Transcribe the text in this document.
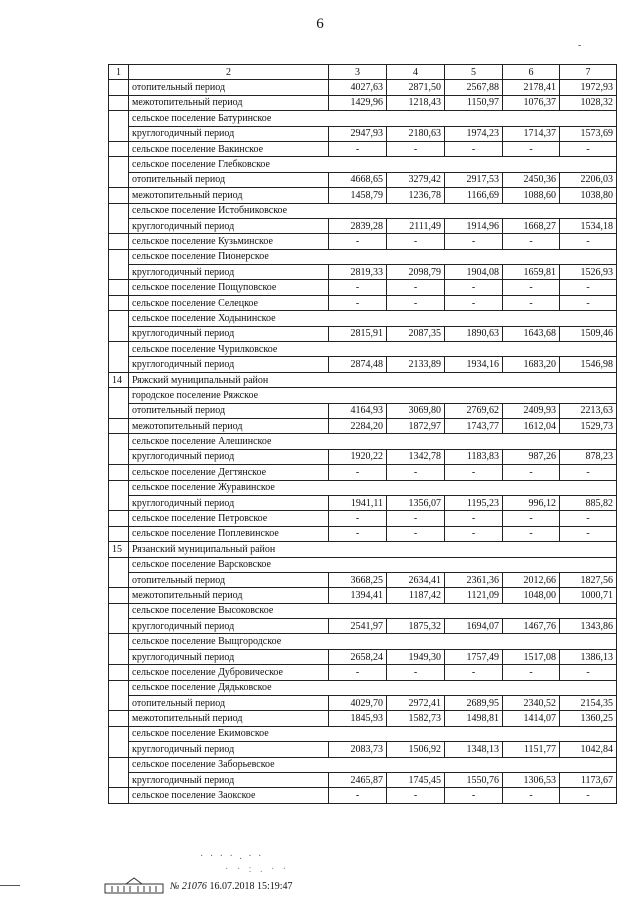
6
-
1	2	3	4	5	6	7
	отопительный период	4027,63	2871,50	2567,88	2178,41	1972,93
	межотопительный период	1429,96	1218,43	1150,97	1076,37	1028,32
	сельское поселение Батуринское					
	круглогодичный период	2947,93	2180,63	1974,23	1714,37	1573,69
	сельское поселение Вакинское	-	-	-	-	-
	сельское поселение Глебковское					
	отопительный период	4668,65	3279,42	2917,53	2450,36	2206,03
	межотопительный период	1458,79	1236,78	1166,69	1088,60	1038,80
	сельское поселение Истобниковское					
	круглогодичный период	2839,28	2111,49	1914,96	1668,27	1534,18
	сельское поселение Кузьминское	-	-	-	-	-
	сельское поселение Пионерское					
	круглогодичный период	2819,33	2098,79	1904,08	1659,81	1526,93
	сельское поселение Пощуповское	-	-	-	-	-
	сельское поселение Селецкое	-	-	-	-	-
	сельское поселение Ходынинское					
	круглогодичный период	2815,91	2087,35	1890,63	1643,68	1509,46
	сельское поселение Чурилковское					
	круглогодичный период	2874,48	2133,89	1934,16	1683,20	1546,98
14	Ряжский муниципальный район					
	городское поселение Ряжское					
	отопительный период	4164,93	3069,80	2769,62	2409,93	2213,63
	межотопительный период	2284,20	1872,97	1743,77	1612,04	1529,73
	сельское поселение Алешинское					
	круглогодичный период	1920,22	1342,78	1183,83	987,26	878,23
	сельское поселение Дегтянское	-	-	-	-	-
	сельское поселение Журавинское					
	круглогодичный период	1941,11	1356,07	1195,23	996,12	885,82
	сельское поселение Петровское	-	-	-	-	-
	сельское поселение Поплевинское	-	-	-	-	-
15	Рязанский муниципальный район					
	сельское поселение Варсковское					
	отопительный период	3668,25	2634,41	2361,36	2012,66	1827,56
	межотопительный период	1394,41	1187,42	1121,09	1048,00	1000,71
	сельское поселение Высоковское					
	круглогодичный период	2541,97	1875,32	1694,07	1467,76	1343,86
	сельское поселение Выщгородское					
	круглогодичный период	2658,24	1949,30	1757,49	1517,08	1386,13
	сельское поселение Дубровическое	-	-	-	-	-
	сельское поселение Дядьковское					
	отопительный период	4029,70	2972,41	2689,95	2340,52	2154,35
	межотопительный период	1845,93	1582,73	1498,81	1414,07	1360,25
	сельское поселение Екимовское					
	круглогодичный период	2083,73	1506,92	1348,13	1151,77	1042,84
	сельское поселение Заборьевское					
	круглогодичный период	2465,87	1745,45	1550,76	1306,53	1173,67
	сельское поселение Заокское	-	-	-	-	-
· · · · . · ·
· · : . · ·
№ 21076 16.07.2018 15:19:47
